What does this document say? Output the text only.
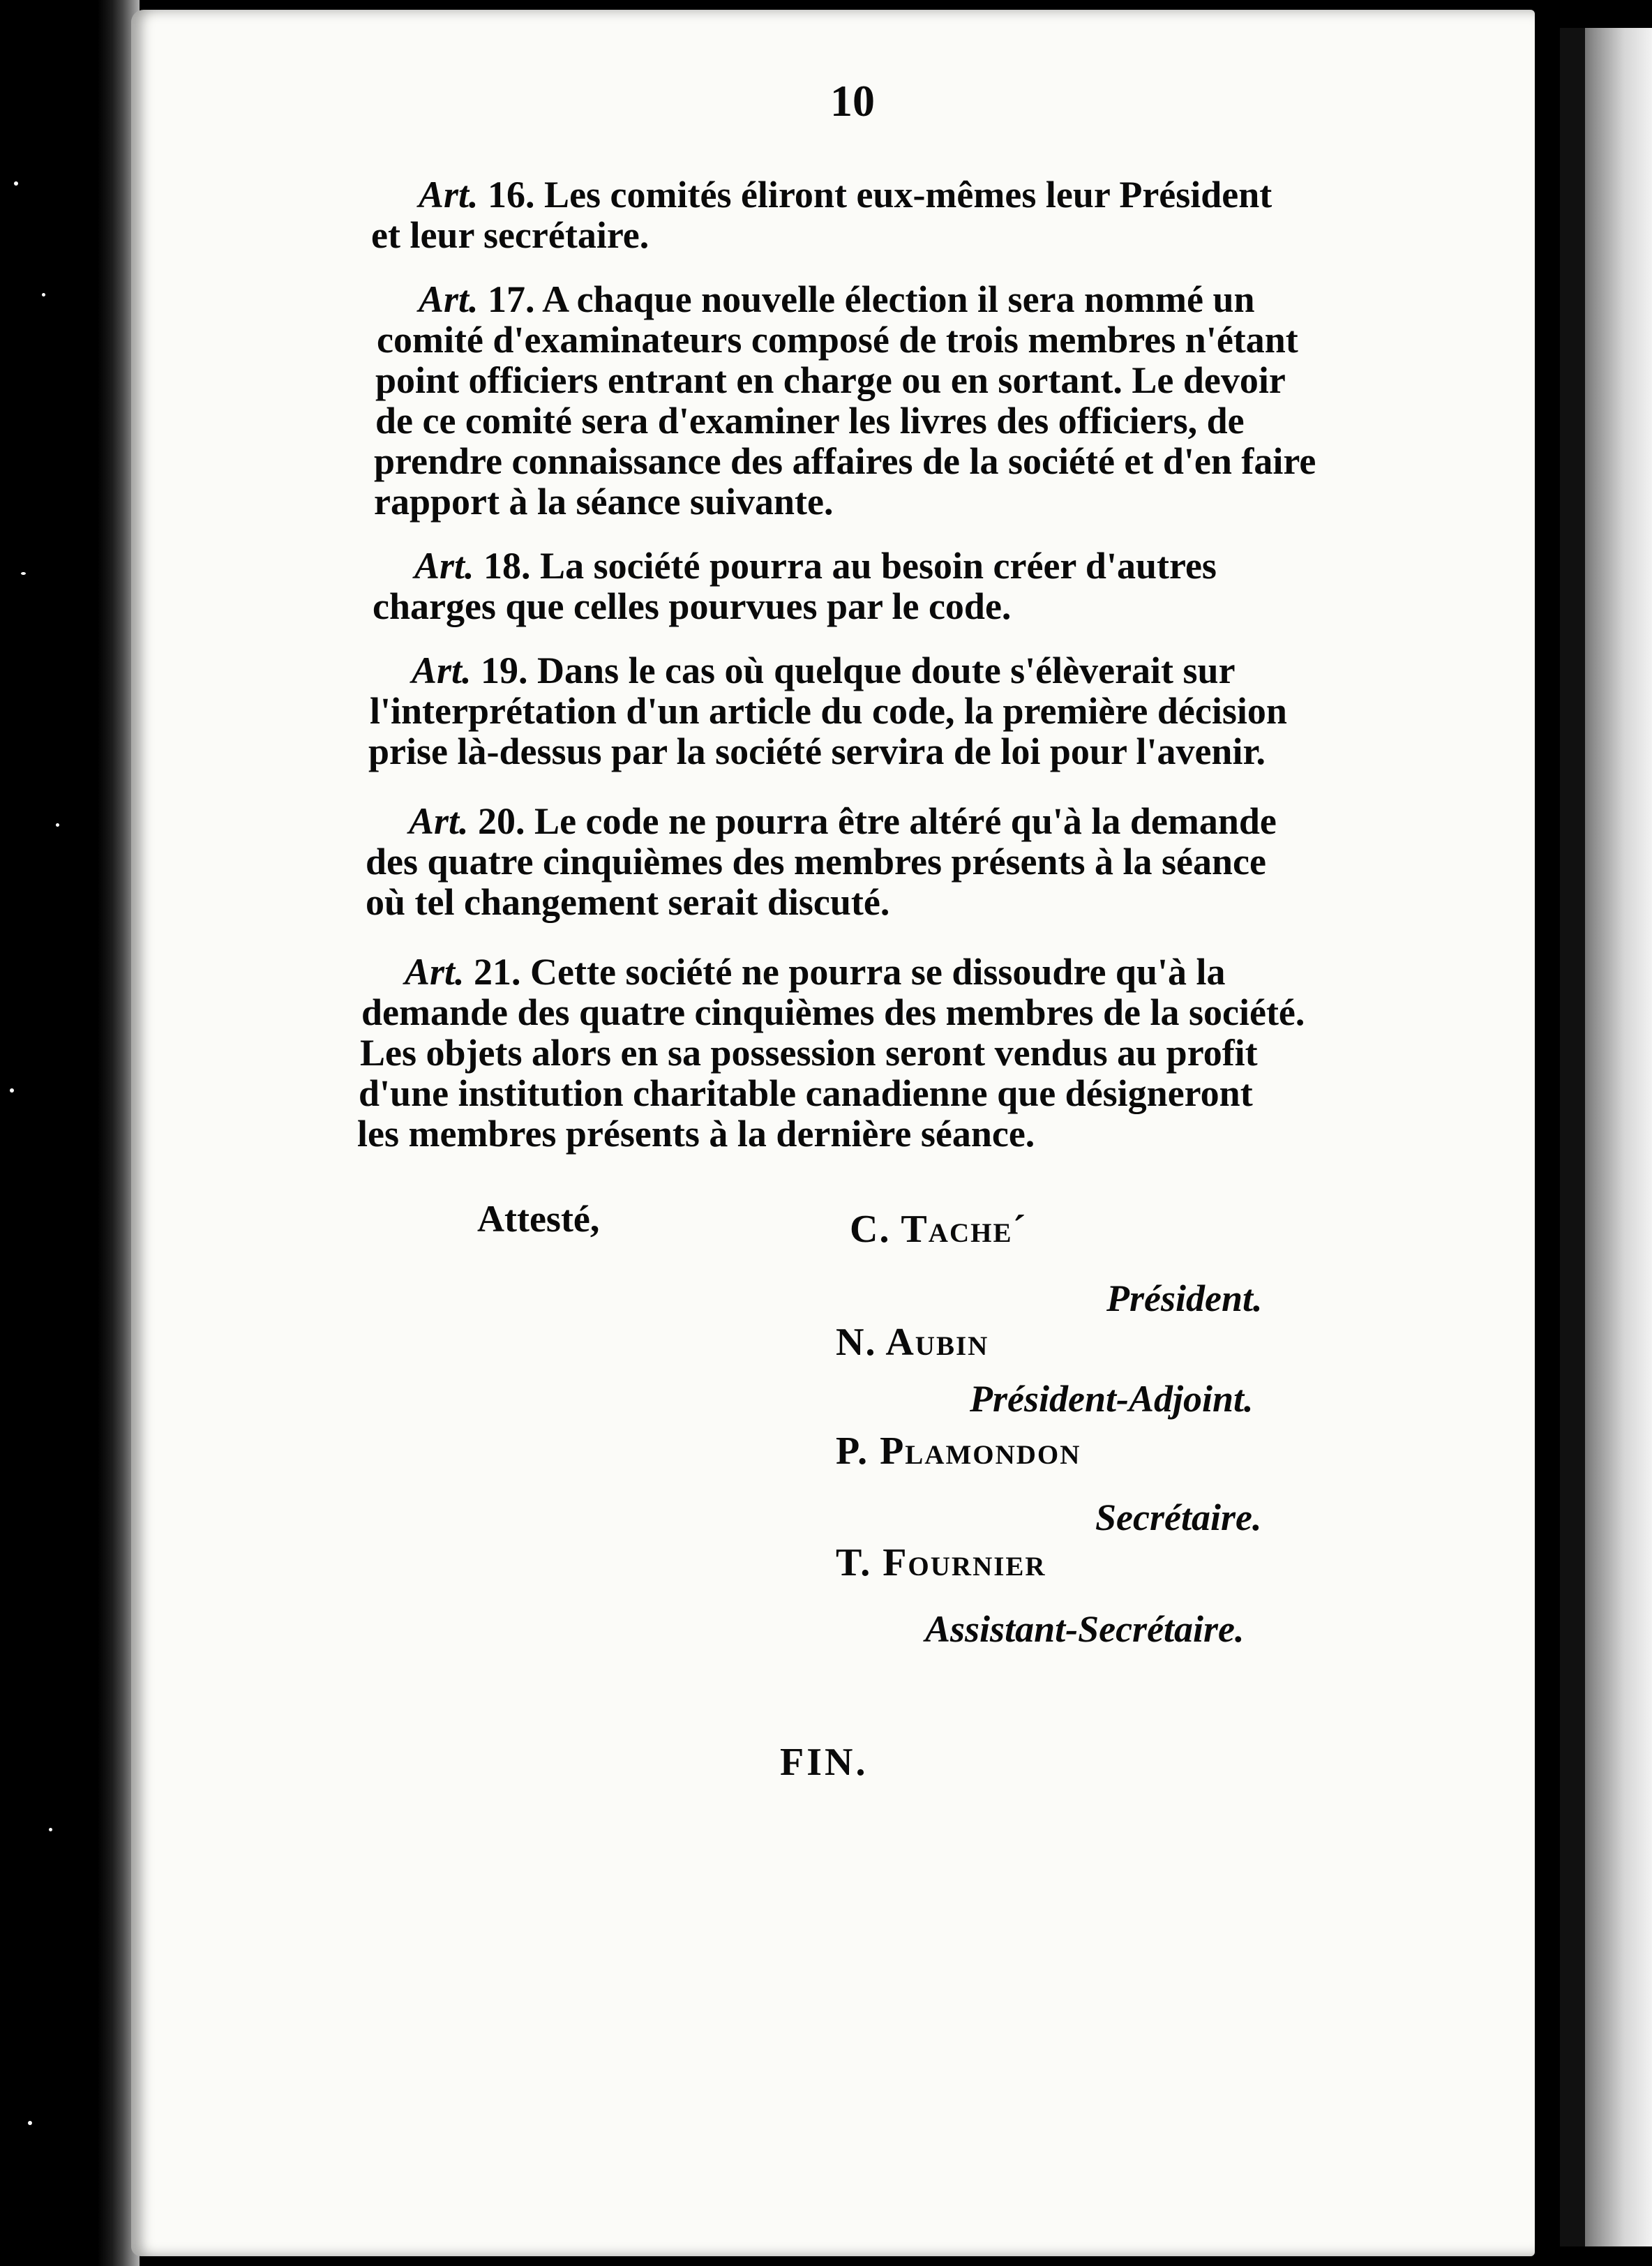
10
Art. 16. Les comités éliront eux-mêmes leur Président
et leur secrétaire.
Art. 17. A chaque nouvelle élection il sera nommé un
comité d'examinateurs composé de trois membres n'étant
point officiers entrant en charge ou en sortant. Le devoir
de ce comité sera d'examiner les livres des officiers, de
prendre connaissance des affaires de la société et d'en faire
rapport à la séance suivante.
Art. 18. La société pourra au besoin créer d'autres
charges que celles pourvues par le code.
Art. 19. Dans le cas où quelque doute s'élèverait sur
l'interprétation d'un article du code, la première décision
prise là-dessus par la société servira de loi pour l'avenir.
Art. 20. Le code ne pourra être altéré qu'à la demande
des quatre cinquièmes des membres présents à la séance
où tel changement serait discuté.
Art. 21. Cette société ne pourra se dissoudre qu'à la
demande des quatre cinquièmes des membres de la société.
Les objets alors en sa possession seront vendus au profit
d'une institution charitable canadienne que désigneront
les membres présents à la dernière séance.
Attesté,	C. Tache´
Président.
N. Aubin
Président-Adjoint.
P. Plamondon
Secrétaire.
T. Fournier
Assistant-Secrétaire.
FIN.
